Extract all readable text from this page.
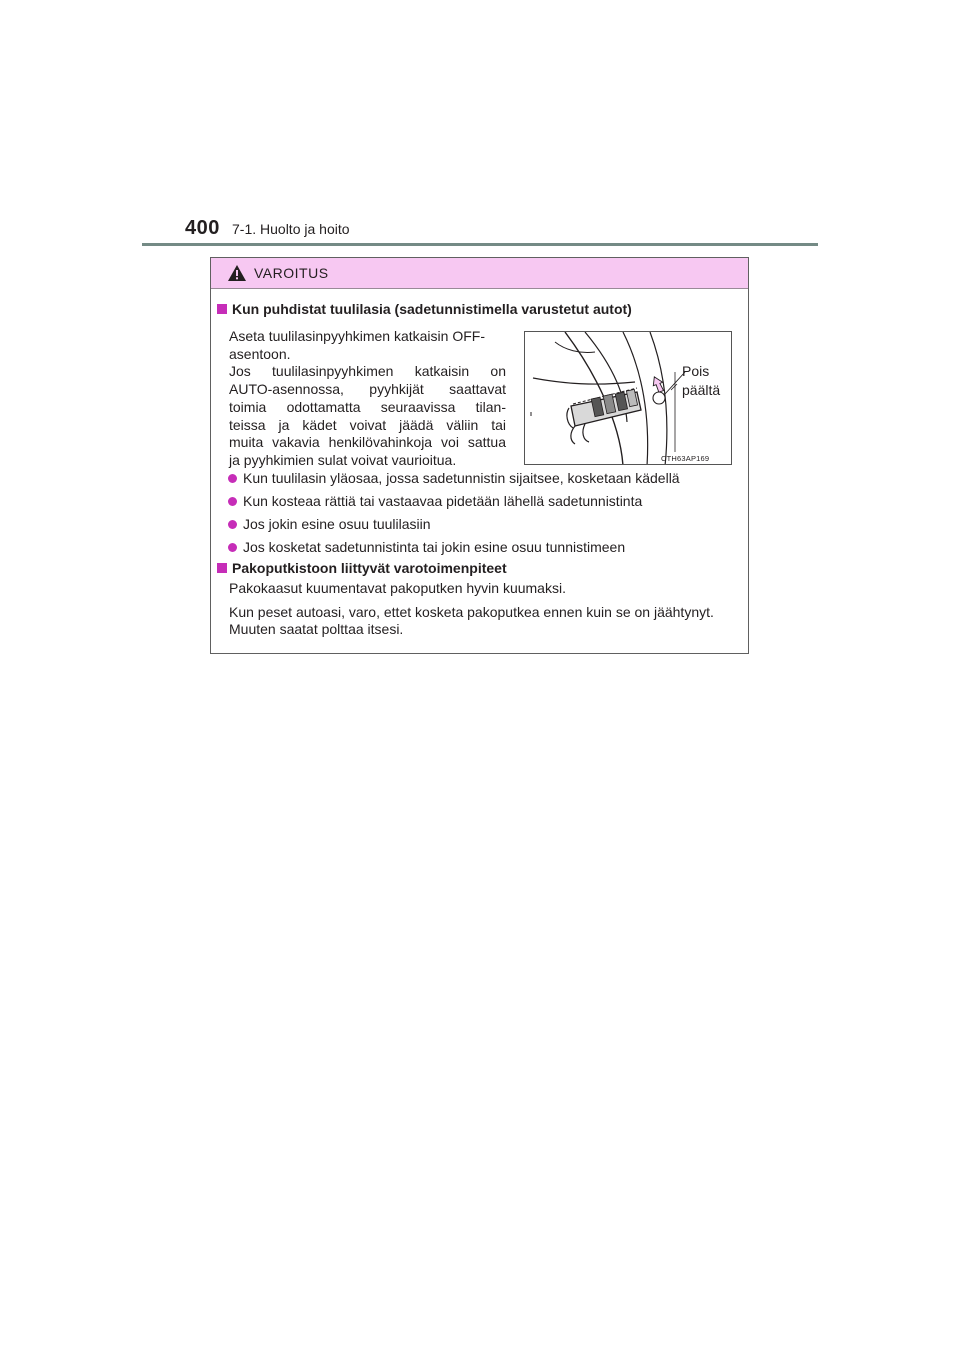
400 7-1. Huolto ja hoito
VAROITUS
Kun puhdistat tuulilasia (sadetunnistimella varustetut autot)
Aseta tuulilasinpyyhkimen katkaisin OFF-
asentoon.
Jos tuulilasinpyyhkimen katkaisin on
AUTO-asennossa, pyyhkijät saattavat
toimia odottamatta seuraavissa tilan-
teissa ja kädet voivat jäädä väliin tai
muita vakavia henkilövahinkoja voi sattua
ja pyyhkimien sulat voivat vaurioitua.
Pois
päältä
CTH63AP169
Kun tuulilasin yläosaa, jossa sadetunnistin sijaitsee, kosketaan kädellä
Kun kosteaa rättiä tai vastaavaa pidetään lähellä sadetunnistinta
Jos jokin esine osuu tuulilasiin
Jos kosketat sadetunnistinta tai jokin esine osuu tunnistimeen
Pakoputkistoon liittyvät varotoimenpiteet
Pakokaasut kuumentavat pakoputken hyvin kuumaksi.
Kun peset autoasi, varo, ettet kosketa pakoputkea ennen kuin se on jäähtynyt.
Muuten saatat polttaa itsesi.
